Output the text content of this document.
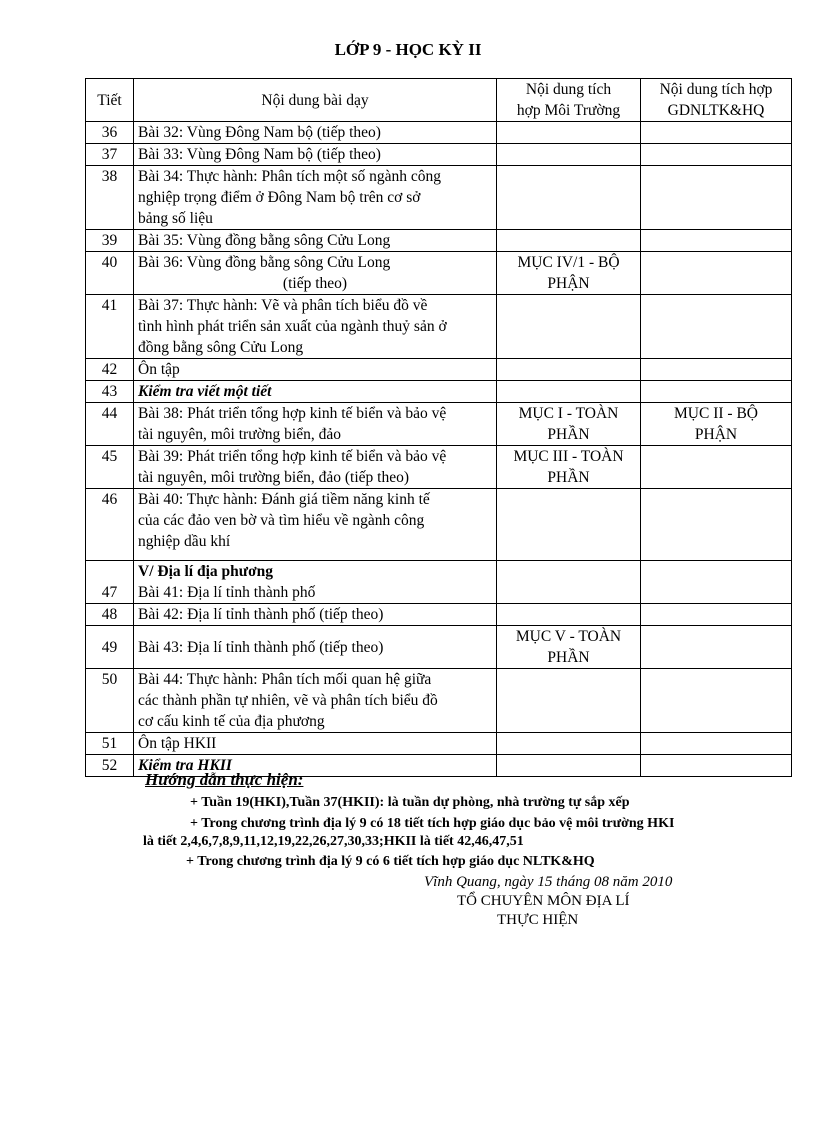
LỚP 9 - HỌC KỲ II
Tiết	Nội dung bài dạy	Nội dung tích
hợp Môi Trường	Nội dung tích hợp
GDNLTK&HQ

36	Bài 32: Vùng Đông Nam bộ (tiếp theo)		

37	Bài 33: Vùng Đông Nam bộ (tiếp theo)		

38	Bài 34: Thực hành: Phân tích một số ngành công
nghiệp trọng điểm ở Đông Nam bộ trên cơ sở
bảng số liệu		

39	Bài 35: Vùng đồng bằng sông Cửu Long		

40	Bài 36: Vùng đồng bằng sông Cửu Long
(tiếp theo)	MỤC IV/1 - BỘ
PHẬN	

41	Bài 37: Thực hành: Vẽ và phân tích biểu đồ về
tình hình phát triển sản xuất của ngành thuỷ sản ở
đồng bằng sông Cửu Long		

42	Ôn tập		

43	Kiểm tra viết một tiết		

44	Bài 38: Phát triển tổng hợp kinh tế biển và bảo vệ
tài nguyên, môi trường biển, đảo	MỤC I - TOÀN
PHẦN	MỤC II - BỘ
PHẬN

45	Bài 39: Phát triển tổng hợp kinh tế biển và bảo vệ
tài nguyên, môi trường biển, đảo (tiếp theo)	MỤC III - TOÀN
PHẦN	

46	Bài 40: Thực hành: Đánh giá tiềm năng kinh tế
của các đảo ven bờ và tìm hiểu về ngành công
nghiệp dầu khí		

47	V/ Địa lí địa phương
Bài 41: Địa lí tỉnh thành phố		

48	Bài 42: Địa lí tỉnh thành phố (tiếp theo)		

49	Bài 43: Địa lí tỉnh thành phố (tiếp theo)	MỤC V - TOÀN
PHẦN	

50	Bài 44: Thực hành: Phân tích mối quan hệ giữa
các thành phần tự nhiên, vẽ và phân tích biểu đồ
cơ cấu kinh tế của địa phương		

51	Ôn tập HKII		

52	Kiểm tra HKII		

Hướng dẫn thực hiện:
+ Tuần 19(HKI),Tuần 37(HKII): là tuần dự phòng, nhà trường tự sắp xếp
+ Trong chương trình địa lý 9 có 18 tiết tích hợp giáo dục bảo vệ môi trường HKI
là tiết 2,4,6,7,8,9,11,12,19,22,26,27,30,33;HKII là tiết 42,46,47,51
+ Trong chương trình địa lý 9 có 6 tiết tích hợp giáo dục NLTK&HQ
Vĩnh Quang, ngày 15 tháng 08 năm 2010
TỔ CHUYÊN MÔN ĐỊA LÍ
THỰC HIỆN
